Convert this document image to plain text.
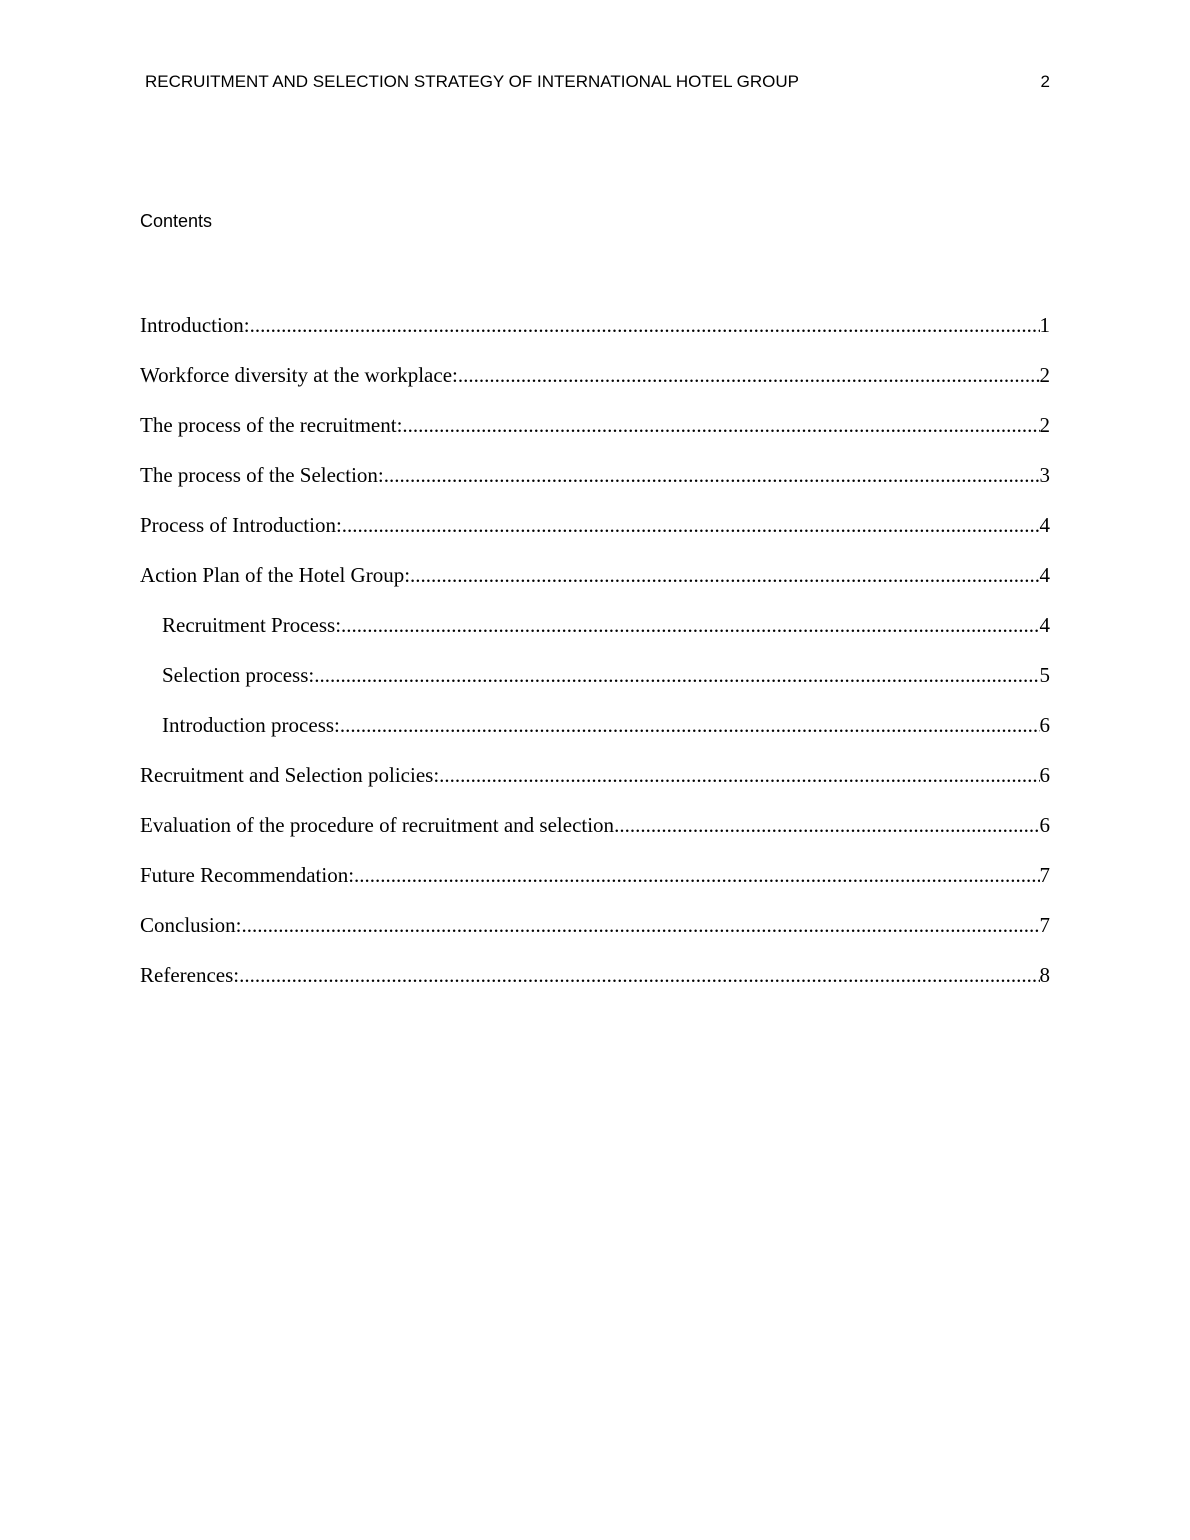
RECRUITMENT AND SELECTION STRATEGY OF INTERNATIONAL HOTEL GROUP	2
Contents
Introduction: .....	1
Workforce diversity at the workplace: .....	2
The process of the recruitment: .....	2
The process of the Selection: .....	3
Process of Introduction: .....	4
Action Plan of the Hotel Group: .....	4
Recruitment Process: .....	4
Selection process: .....	5
Introduction process: .....	6
Recruitment and Selection policies: .....	6
Evaluation of the procedure of recruitment and selection .....	6
Future Recommendation: .....	7
Conclusion: .....	7
References: .....	8
